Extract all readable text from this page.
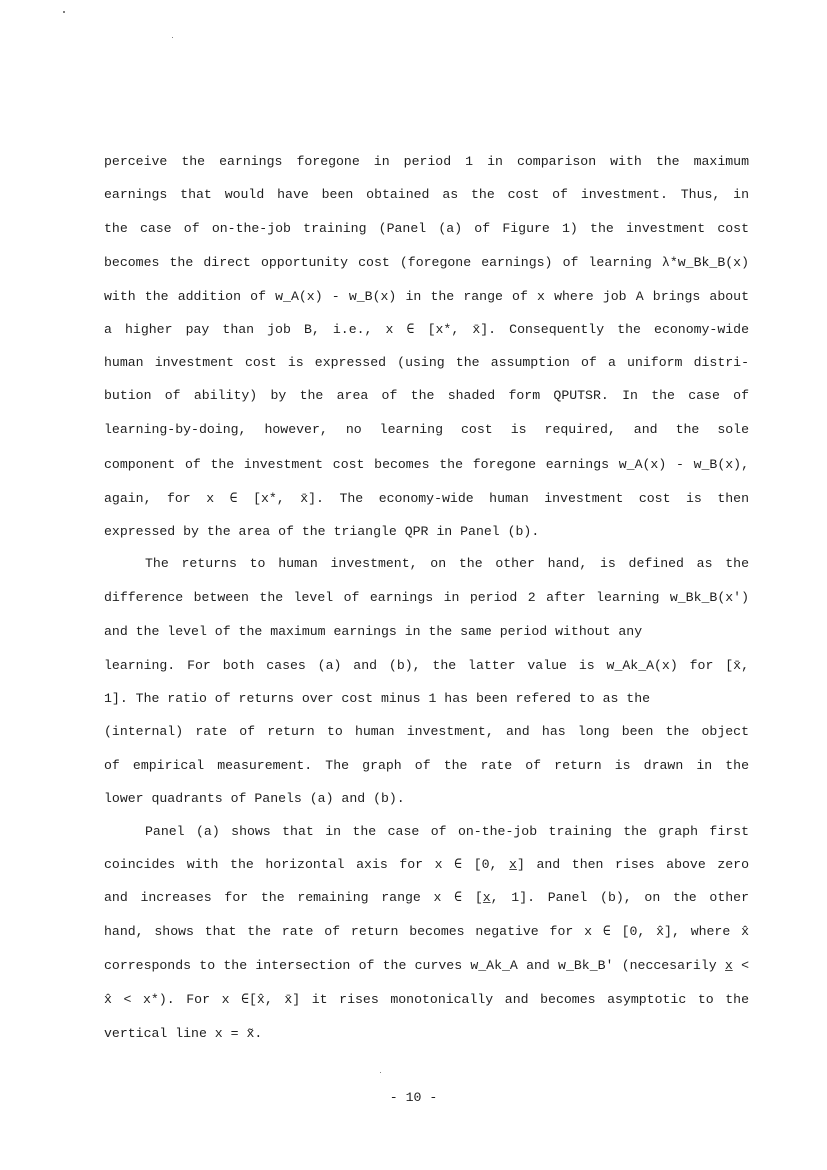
perceive the earnings foregone in period 1 in comparison with the maximum
earnings that would have been obtained as the cost of investment. Thus, in
the case of on-the-job training (Panel (a) of Figure 1) the investment cost
becomes the direct opportunity cost (foregone earnings) of learning λ*w_Bk_B(x)
with the addition of w_A(x) - w_B(x) in the range of x where job A brings about
a higher pay than job B, i.e., x ∈ [x*, x̄]. Consequently the economy-wide
human investment cost is expressed (using the assumption of a uniform distri-
bution of ability) by the area of the shaded form QPUTSR. In the case of
learning-by-doing, however, no learning cost is required, and the sole
component of the investment cost becomes the foregone earnings w_A(x) - w_B(x),
again, for x ∈ [x*, x̄]. The economy-wide human investment cost is then
expressed by the area of the triangle QPR in Panel (b).
The returns to human investment, on the other hand, is defined as the
difference between the level of earnings in period 2 after learning w_Bk_B(x′)
and the level of the maximum earnings in the same period without any
learning. For both cases (a) and (b), the latter value is w_Ak_A(x) for [x̄,
1]. The ratio of returns over cost minus 1 has been refered to as the
(internal) rate of return to human investment, and has long been the object
of empirical measurement. The graph of the rate of return is drawn in the
lower quadrants of Panels (a) and (b).
Panel (a) shows that in the case of on-the-job training the graph first
coincides with the horizontal axis for x ∈ [0, x̲] and then rises above zero
and increases for the remaining range x ∈ [x̲, 1]. Panel (b), on the other
hand, shows that the rate of return becomes negative for x ∈ [0, x̂], where x̂
corresponds to the intersection of the curves w_Ak_A and w_Bk_B′ (neccesarily x̲ <
x̂ < x*). For x ∈[x̂, x̄] it rises monotonically and becomes asymptotic to the
vertical line x = x̃.
- 10 -
